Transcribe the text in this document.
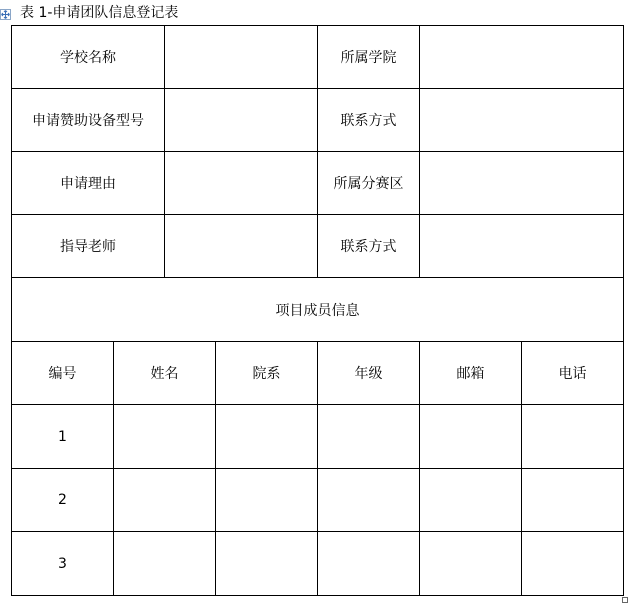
表 1-申请团队信息登记表
学校名称				所属学院		
申请赞助设备型号				联系方式		
申请理由				所属分赛区		
指导老师				联系方式		
项目成员信息						
编号	姓名		院系	年级	邮箱	电话
1						
2						
3						
